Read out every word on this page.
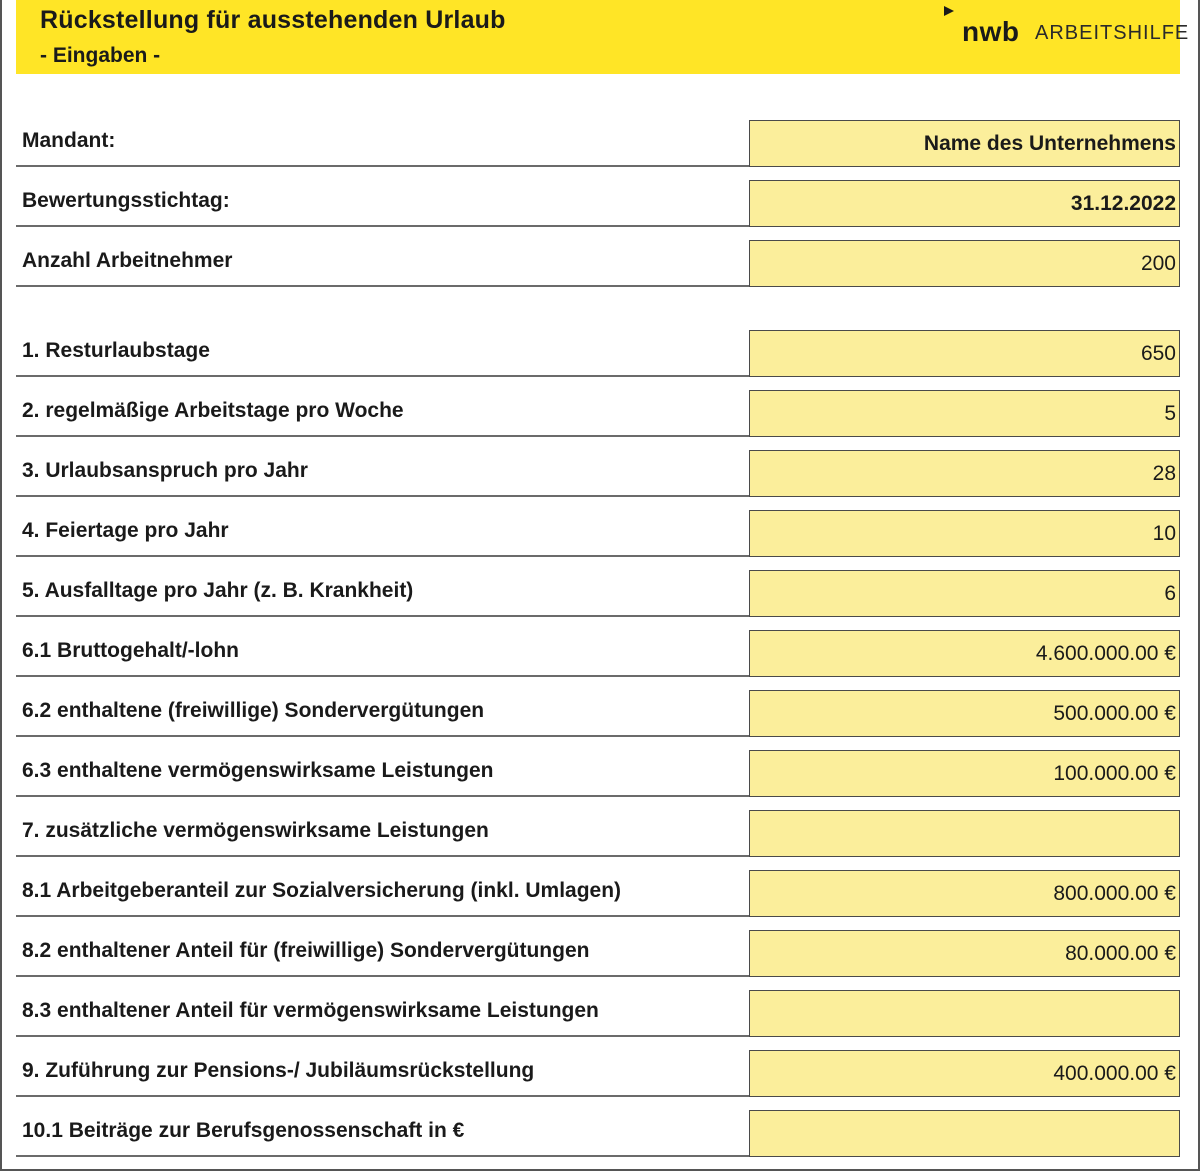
Rückstellung für ausstehenden Urlaub
- Eingaben -
nwb ARBEITSHILFE
Mandant:	Name des Unternehmens
Bewertungsstichtag:	31.12.2022
Anzahl Arbeitnehmer	200
1. Resturlaubstage	650
2. regelmäßige Arbeitstage pro Woche	5
3. Urlaubsanspruch pro Jahr	28
4. Feiertage pro Jahr	10
5. Ausfalltage pro Jahr (z. B. Krankheit)	6
6.1 Bruttogehalt/-lohn	4.600.000.00 €
6.2 enthaltene (freiwillige) Sondervergütungen	500.000.00 €
6.3 enthaltene vermögenswirksame Leistungen	100.000.00 €
7. zusätzliche vermögenswirksame Leistungen
8.1 Arbeitgeberanteil zur Sozialversicherung (inkl. Umlagen)	800.000.00 €
8.2 enthaltener Anteil für (freiwillige) Sondervergütungen	80.000.00 €
8.3 enthaltener Anteil für vermögenswirksame Leistungen
9. Zuführung zur Pensions-/ Jubiläumsrückstellung	400.000.00 €
10.1 Beiträge zur Berufsgenossenschaft in €
